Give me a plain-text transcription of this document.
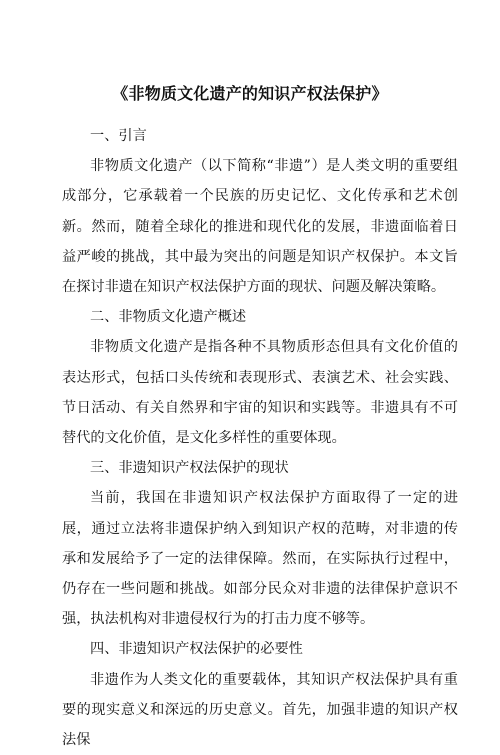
《非物质文化遗产的知识产权法保护》

一、引言

非物质文化遗产（以下简称“非遗”）是人类文明的重要组成部分，它承载着一个民族的历史记忆、文化传承和艺术创新。然而，随着全球化的推进和现代化的发展，非遗面临着日益严峻的挑战，其中最为突出的问题是知识产权保护。本文旨在探讨非遗在知识产权法保护方面的现状、问题及解决策略。

二、非物质文化遗产概述

非物质文化遗产是指各种不具物质形态但具有文化价值的表达形式，包括口头传统和表现形式、表演艺术、社会实践、节日活动、有关自然界和宇宙的知识和实践等。非遗具有不可替代的文化价值，是文化多样性的重要体现。

三、非遗知识产权法保护的现状

当前，我国在非遗知识产权法保护方面取得了一定的进展，通过立法将非遗保护纳入到知识产权的范畴，对非遗的传承和发展给予了一定的法律保障。然而，在实际执行过程中，仍存在一些问题和挑战。如部分民众对非遗的法律保护意识不强，执法机构对非遗侵权行为的打击力度不够等。

四、非遗知识产权法保护的必要性

非遗作为人类文化的重要载体，其知识产权法保护具有重要的现实意义和深远的历史意义。首先，加强非遗的知识产权法保
